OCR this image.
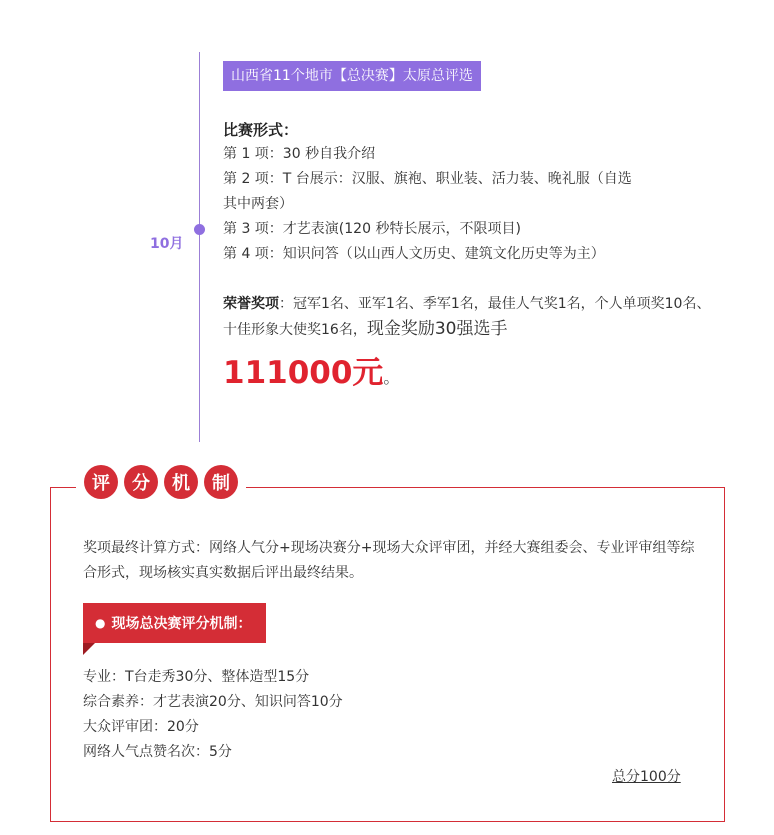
10月
山西省11个地市【总决赛】太原总评选
比赛形式：
第 1 项：30 秒自我介绍
第 2 项：T 台展示：汉服、旗袍、职业装、活力装、晚礼服（自选
其中两套）
第 3 项：才艺表演(120 秒特长展示，不限项目)
第 4 项：知识问答（以山西人文历史、建筑文化历史等为主）
荣誉奖项：冠军1名、亚军1名、季军1名，最佳人气奖1名，个人单项奖10名、十佳形象大使奖16名，现金奖励30强选手
111000元。
评	分	机	制
奖项最终计算方式：网络人气分+现场决赛分+现场大众评审团，并经大赛组委会、专业评审组等综合形式，现场核实真实数据后评出最终结果。
● 现场总决赛评分机制：
专业：T台走秀30分、整体造型15分
综合素养：才艺表演20分、知识问答10分
大众评审团：20分
网络人气点赞名次：5分
总分100分
